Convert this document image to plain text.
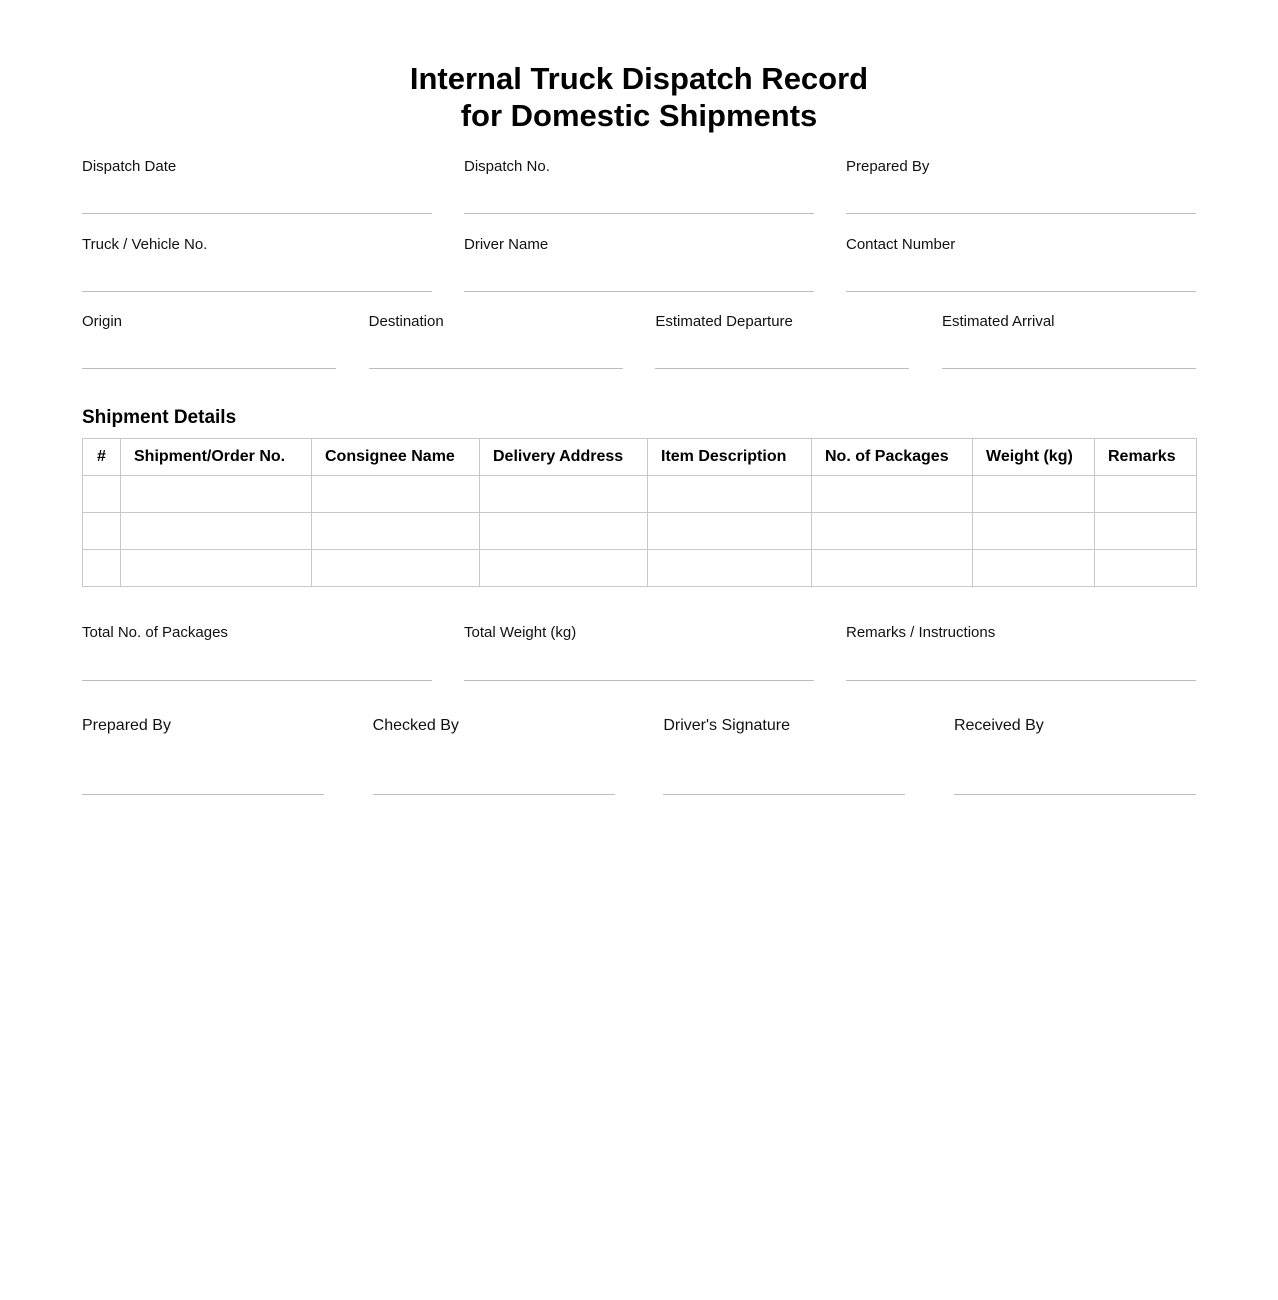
Internal Truck Dispatch Record
for Domestic Shipments
Dispatch Date	Dispatch No.	Prepared By
Truck / Vehicle No.	Driver Name	Contact Number
Origin	Destination	Estimated Departure	Estimated Arrival
Shipment Details
#	Shipment/Order No.	Consignee Name	Delivery Address	Item Description	No. of Packages	Weight (kg)	Remarks

Total No. of Packages	Total Weight (kg)	Remarks / Instructions
Prepared By	Checked By	Driver's Signature	Received By
